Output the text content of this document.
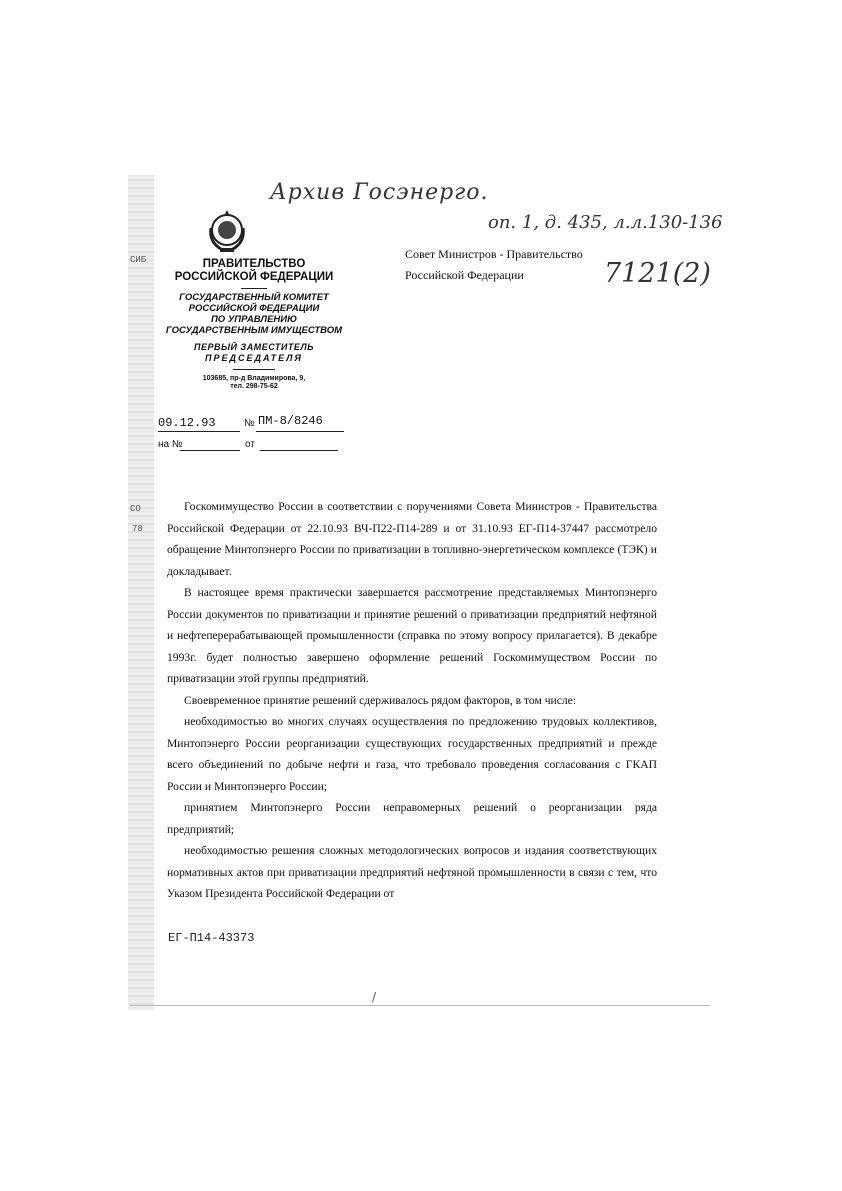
СИБ
СО
78
Архив Госэнерго.
оп. 1, д. 435, л.л.130-136
7121(2)
ПРАВИТЕЛЬСТВО
РОССИЙСКОЙ ФЕДЕРАЦИИ
ГОСУДАРСТВЕННЫЙ КОМИТЕТ
РОССИЙСКОЙ ФЕДЕРАЦИИ
ПО УПРАВЛЕНИЮ
ГОСУДАРСТВЕННЫМ ИМУЩЕСТВОМ
ПЕРВЫЙ ЗАМЕСТИТЕЛЬ
ПРЕДСЕДАТЕЛЯ
103685, пр-д Владимирова, 9,
тел. 298-75-62
09.12.93	№ ПМ-8/8246
на №	от
Совет Министров - Правительство
Российской Федерации

Госкомимущество России в соответствии с поручениями Совета Министров - Правительства Российской Федерации от 22.10.93 ВЧ-П22-П14-289 и от 31.10.93 ЕГ-П14-37447 рассмотрело обращение Минтопэнерго России по приватизации в топливно-энергетическом комплексе (ТЭК) и докладывает.

В настоящее время практически завершается рассмотрение представляемых Минтопэнерго России документов по приватизации и принятие решений о приватизации предприятий нефтяной и нефтеперерабатывающей промышленности (справка по этому вопросу прилагается). В декабре 1993г. будет полностью завершено оформление решений Госкомимуществом России по приватизации этой группы предприятий.

Своевременное принятие решений сдерживалось рядом факторов, в том числе:

необходимостью во многих случаях осуществления по предложению трудовых коллективов, Минтопэнерго России реорганизации существующих государственных предприятий и прежде всего объединений по добыче нефти и газа, что требовало проведения согласования с ГКАП России и Минтопэнерго России;

принятием Минтопэнерго России неправомерных решений о реорганизации ряда предприятий;

необходимостью решения сложных методологических вопросов и издания соответствующих нормативных актов при приватизации предприятий нефтяной промышленности в связи с тем, что Указом Президента Российской Федерации от

ЕГ-П14-43373
/
